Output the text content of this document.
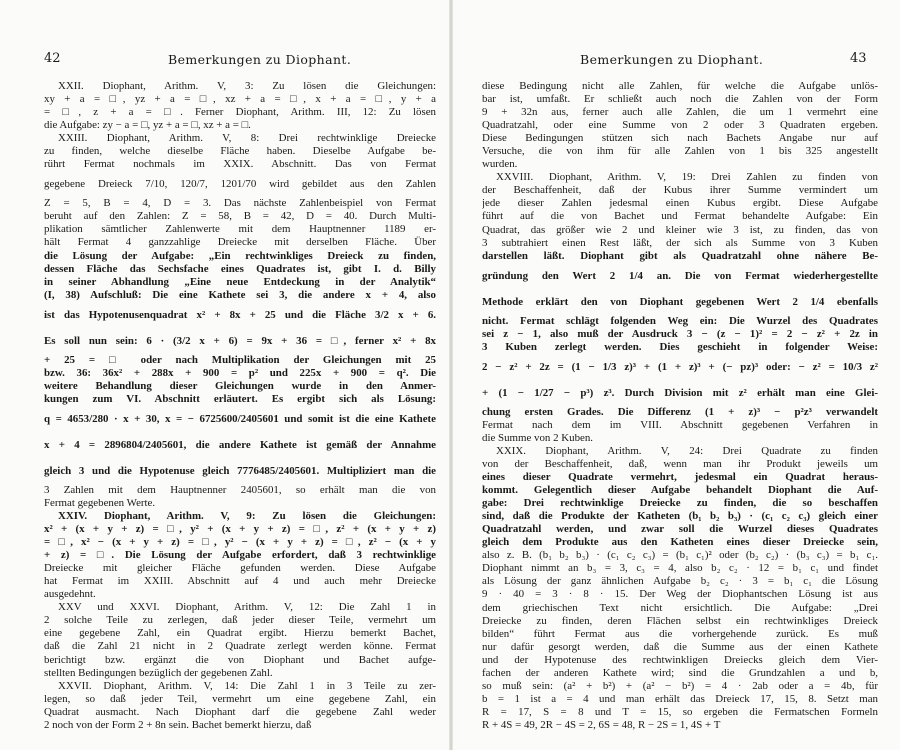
42	Bemerkungen zu Diophant.
XXII. Diophant, Arithm. V, 3: Zu lösen die Gleichungen:
xy + a = □, yz + a = □, xz + a = □, x + a = □, y + a
= □, z + a = □. Ferner Diophant, Arithm. III, 12: Zu lösen
die Aufgabe: zy − a = □, yz + a = □, xz + a = □.
XXIII. Diophant, Arithm. V, 8: Drei rechtwinklige Dreiecke
zu finden, welche dieselbe Fläche haben. Dieselbe Aufgabe be-
rührt Fermat nochmals im XXIX. Abschnitt. Das von Fermat
gegebene Dreieck 7/10, 120/7, 1201/70 wird gebildet aus den Zahlen
Z = 5, B = 4, D = 3. Das nächste Zahlenbeispiel von Fermat
beruht auf den Zahlen: Z = 58, B = 42, D = 40. Durch Multi-
plikation sämtlicher Zahlenwerte mit dem Hauptnenner 1189 er-
hält Fermat 4 ganzzahlige Dreiecke mit derselben Fläche. Über
die Lösung der Aufgabe: „Ein rechtwinkliges Dreieck zu finden,
dessen Fläche das Sechsfache eines Quadrates ist, gibt I. d. Billy
in seiner Abhandlung „Eine neue Entdeckung in der Analytik“
(I, 38) Aufschluß: Die eine Kathete sei 3, die andere x + 4, also
ist das Hypotenusenquadrat x² + 8x + 25 und die Fläche 3/2 x + 6.
Es soll nun sein: 6 · (3/2 x + 6) = 9x + 36 = □, ferner x² + 8x
+ 25 = □ oder nach Multiplikation der Gleichungen mit 25
bzw. 36: 36x² + 288x + 900 = p² und 225x + 900 = q². Die
weitere Behandlung dieser Gleichungen wurde in den Anmer-
kungen zum VI. Abschnitt erläutert. Es ergibt sich als Lösung:
q = 4653/280 · x + 30, x = − 6725600/2405601 und somit ist die eine Kathete
x + 4 = 2896804/2405601, die andere Kathete ist gemäß der Annahme
gleich 3 und die Hypotenuse gleich 7776485/2405601. Multipliziert man die
3 Zahlen mit dem Hauptnenner 2405601, so erhält man die von
Fermat gegebenen Werte.
XXIV. Diophant, Arithm. V, 9: Zu lösen die Gleichungen:
x² + (x + y + z) = □, y² + (x + y + z) = □, z² + (x + y + z)
= □, x² − (x + y + z) = □, y² − (x + y + z) = □, z² − (x + y
+ z) = □. Die Lösung der Aufgabe erfordert, daß 3 rechtwinklige
Dreiecke mit gleicher Fläche gefunden werden. Diese Aufgabe
hat Fermat im XXIII. Abschnitt auf 4 und auch mehr Dreiecke
ausgedehnt.
XXV und XXVI. Diophant, Arithm. V, 12: Die Zahl 1 in
2 solche Teile zu zerlegen, daß jeder dieser Teile, vermehrt um
eine gegebene Zahl, ein Quadrat ergibt. Hierzu bemerkt Bachet,
daß die Zahl 21 nicht in 2 Quadrate zerlegt werden könne. Fermat
berichtigt bzw. ergänzt die von Diophant und Bachet aufge-
stellten Bedingungen bezüglich der gegebenen Zahl.
XXVII. Diophant, Arithm. V, 14: Die Zahl 1 in 3 Teile zu zer-
legen, so daß jeder Teil, vermehrt um eine gegebene Zahl, ein
Quadrat ausmacht. Nach Diophant darf die gegebene Zahl weder
2 noch von der Form 2 + 8n sein. Bachet bemerkt hierzu, daß
Bemerkungen zu Diophant.	43
diese Bedingung nicht alle Zahlen, für welche die Aufgabe unlös-
bar ist, umfaßt. Er schließt auch noch die Zahlen von der Form
9 + 32n aus, ferner auch alle Zahlen, die um 1 vermehrt eine
Quadratzahl, oder eine Summe von 2 oder 3 Quadraten ergeben.
Diese Bedingungen stützen sich nach Bachets Angabe nur auf
Versuche, die von ihm für alle Zahlen von 1 bis 325 angestellt
wurden.
XXVIII. Diophant, Arithm. V, 19: Drei Zahlen zu finden von
der Beschaffenheit, daß der Kubus ihrer Summe vermindert um
jede dieser Zahlen jedesmal einen Kubus ergibt. Diese Aufgabe
führt auf die von Bachet und Fermat behandelte Aufgabe: Ein
Quadrat, das größer wie 2 und kleiner wie 3 ist, zu finden, das von
3 subtrahiert einen Rest läßt, der sich als Summe von 3 Kuben
darstellen läßt. Diophant gibt als Quadratzahl ohne nähere Be-
gründung den Wert 2 1/4 an. Die von Fermat wiederhergestellte
Methode erklärt den von Diophant gegebenen Wert 2 1/4 ebenfalls
nicht. Fermat schlägt folgenden Weg ein: Die Wurzel des Quadrates
sei z − 1, also muß der Ausdruck 3 − (z − 1)² = 2 − z² + 2z in
3 Kuben zerlegt werden. Dies geschieht in folgender Weise:
2 − z² + 2z = (1 − 1/3 z)³ + (1 + z)³ + (− pz)³ oder: − z² = 10/3 z²
+ (1 − 1/27 − p³) z³. Durch Division mit z² erhält man eine Glei-
chung ersten Grades. Die Differenz (1 + z)³ − p²z³ verwandelt
Fermat nach dem im VIII. Abschnitt gegebenen Verfahren in
die Summe von 2 Kuben.
XXIX. Diophant, Arithm. V, 24: Drei Quadrate zu finden
von der Beschaffenheit, daß, wenn man ihr Produkt jeweils um
eines dieser Quadrate vermehrt, jedesmal ein Quadrat heraus-
kommt. Gelegentlich dieser Aufgabe behandelt Diophant die Auf-
gabe: Drei rechtwinklige Dreiecke zu finden, die so beschaffen
sind, daß die Produkte der Katheten (b₁ b₂ b₃) · (c₁ c₂ c₃) gleich einer
Quadratzahl werden, und zwar soll die Wurzel dieses Quadrates
gleich dem Produkte aus den Katheten eines dieser Dreiecke sein,
also z. B. (b₁ b₂ b₃) · (c₁ c₂ c₃) = (b₁ c₁)² oder (b₂ c₂) · (b₃ c₃) = b₁ c₁.
Diophant nimmt an b₃ = 3, c₃ = 4, also b₂ c₂ · 12 = b₁ c₁ und findet
als Lösung der ganz ähnlichen Aufgabe b₂ c₂ · 3 = b₁ c₁ die Lösung
9 · 40 = 3 · 8 · 15. Der Weg der Diophantschen Lösung ist aus
dem griechischen Text nicht ersichtlich. Die Aufgabe: „Drei
Dreiecke zu finden, deren Flächen selbst ein rechtwinkliges Dreieck
bilden“ führt Fermat aus die vorhergehende zurück. Es muß
nur dafür gesorgt werden, daß die Summe aus der einen Kathete
und der Hypotenuse des rechtwinkligen Dreiecks gleich dem Vier-
fachen der anderen Kathete wird; sind die Grundzahlen a und b,
so muß sein: (a² + b²) + (a² − b²) = 4 · 2ab oder a = 4b, für
b = 1 ist a = 4 und man erhält das Dreieck 17, 15, 8. Setzt man
R = 17, S = 8 und T = 15, so ergeben die Fermatschen Formeln
R + 4S = 49, 2R − 4S = 2, 6S = 48, R − 2S = 1, 4S + T
